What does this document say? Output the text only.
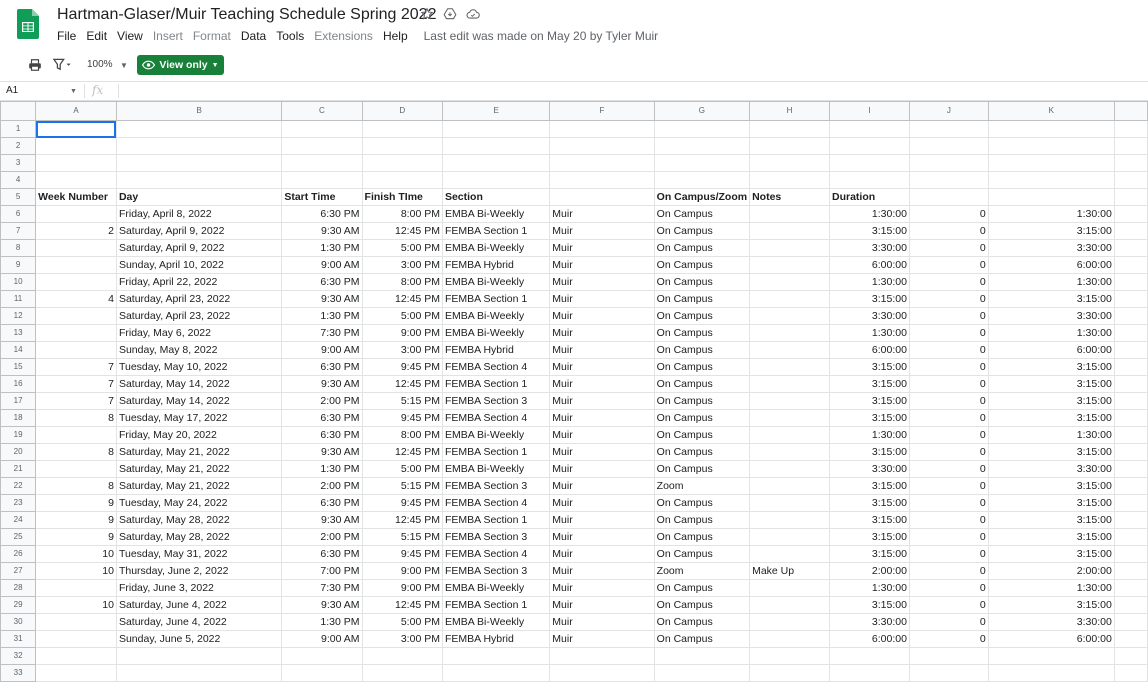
Hartman-Glaser/Muir Teaching Schedule Spring 2022
File Edit View Insert Format Data Tools Extensions Help Last edit was made on May 20 by Tyler Muir
100% ▼	View only ▼
A1	▼ fx
	A	B	C	D	E	F	G	H	I	J	K	
1												
2												
3												
4												
5	Week Number	Day	Start Time	Finish TIme	Section		On Campus/Zoom	Notes	Duration			
6		Friday, April 8, 2022	6:30 PM	8:00 PM	EMBA Bi-Weekly	Muir	On Campus		1:30:00	0	1:30:00	
7	2	Saturday, April 9, 2022	9:30 AM	12:45 PM	FEMBA Section 1	Muir	On Campus		3:15:00	0	3:15:00	
8		Saturday, April 9, 2022	1:30 PM	5:00 PM	EMBA Bi-Weekly	Muir	On Campus		3:30:00	0	3:30:00	
9		Sunday, April 10, 2022	9:00 AM	3:00 PM	FEMBA Hybrid	Muir	On Campus		6:00:00	0	6:00:00	
10		Friday, April 22, 2022	6:30 PM	8:00 PM	EMBA Bi-Weekly	Muir	On Campus		1:30:00	0	1:30:00	
11	4	Saturday, April 23, 2022	9:30 AM	12:45 PM	FEMBA Section 1	Muir	On Campus		3:15:00	0	3:15:00	
12		Saturday, April 23, 2022	1:30 PM	5:00 PM	EMBA Bi-Weekly	Muir	On Campus		3:30:00	0	3:30:00	
13		Friday, May 6, 2022	7:30 PM	9:00 PM	EMBA Bi-Weekly	Muir	On Campus		1:30:00	0	1:30:00	
14		Sunday, May 8, 2022	9:00 AM	3:00 PM	FEMBA Hybrid	Muir	On Campus		6:00:00	0	6:00:00	
15	7	Tuesday, May 10, 2022	6:30 PM	9:45 PM	FEMBA Section 4	Muir	On Campus		3:15:00	0	3:15:00	
16	7	Saturday, May 14, 2022	9:30 AM	12:45 PM	FEMBA Section 1	Muir	On Campus		3:15:00	0	3:15:00	
17	7	Saturday, May 14, 2022	2:00 PM	5:15 PM	FEMBA Section 3	Muir	On Campus		3:15:00	0	3:15:00	
18	8	Tuesday, May 17, 2022	6:30 PM	9:45 PM	FEMBA Section 4	Muir	On Campus		3:15:00	0	3:15:00	
19		Friday, May 20, 2022	6:30 PM	8:00 PM	EMBA Bi-Weekly	Muir	On Campus		1:30:00	0	1:30:00	
20	8	Saturday, May 21, 2022	9:30 AM	12:45 PM	FEMBA Section 1	Muir	On Campus		3:15:00	0	3:15:00	
21		Saturday, May 21, 2022	1:30 PM	5:00 PM	EMBA Bi-Weekly	Muir	On Campus		3:30:00	0	3:30:00	
22	8	Saturday, May 21, 2022	2:00 PM	5:15 PM	FEMBA Section 3	Muir	Zoom		3:15:00	0	3:15:00	
23	9	Tuesday, May 24, 2022	6:30 PM	9:45 PM	FEMBA Section 4	Muir	On Campus		3:15:00	0	3:15:00	
24	9	Saturday, May 28, 2022	9:30 AM	12:45 PM	FEMBA Section 1	Muir	On Campus		3:15:00	0	3:15:00	
25	9	Saturday, May 28, 2022	2:00 PM	5:15 PM	FEMBA Section 3	Muir	On Campus		3:15:00	0	3:15:00	
26	10	Tuesday, May 31, 2022	6:30 PM	9:45 PM	FEMBA Section 4	Muir	On Campus		3:15:00	0	3:15:00	
27	10	Thursday, June 2, 2022	7:00 PM	9:00 PM	FEMBA Section 3	Muir	Zoom	Make Up	2:00:00	0	2:00:00	
28		Friday, June 3, 2022	7:30 PM	9:00 PM	EMBA Bi-Weekly	Muir	On Campus		1:30:00	0	1:30:00	
29	10	Saturday, June 4, 2022	9:30 AM	12:45 PM	FEMBA Section 1	Muir	On Campus		3:15:00	0	3:15:00	
30		Saturday, June 4, 2022	1:30 PM	5:00 PM	EMBA Bi-Weekly	Muir	On Campus		3:30:00	0	3:30:00	
31		Sunday, June 5, 2022	9:00 AM	3:00 PM	FEMBA Hybrid	Muir	On Campus		6:00:00	0	6:00:00	
32												
33												
